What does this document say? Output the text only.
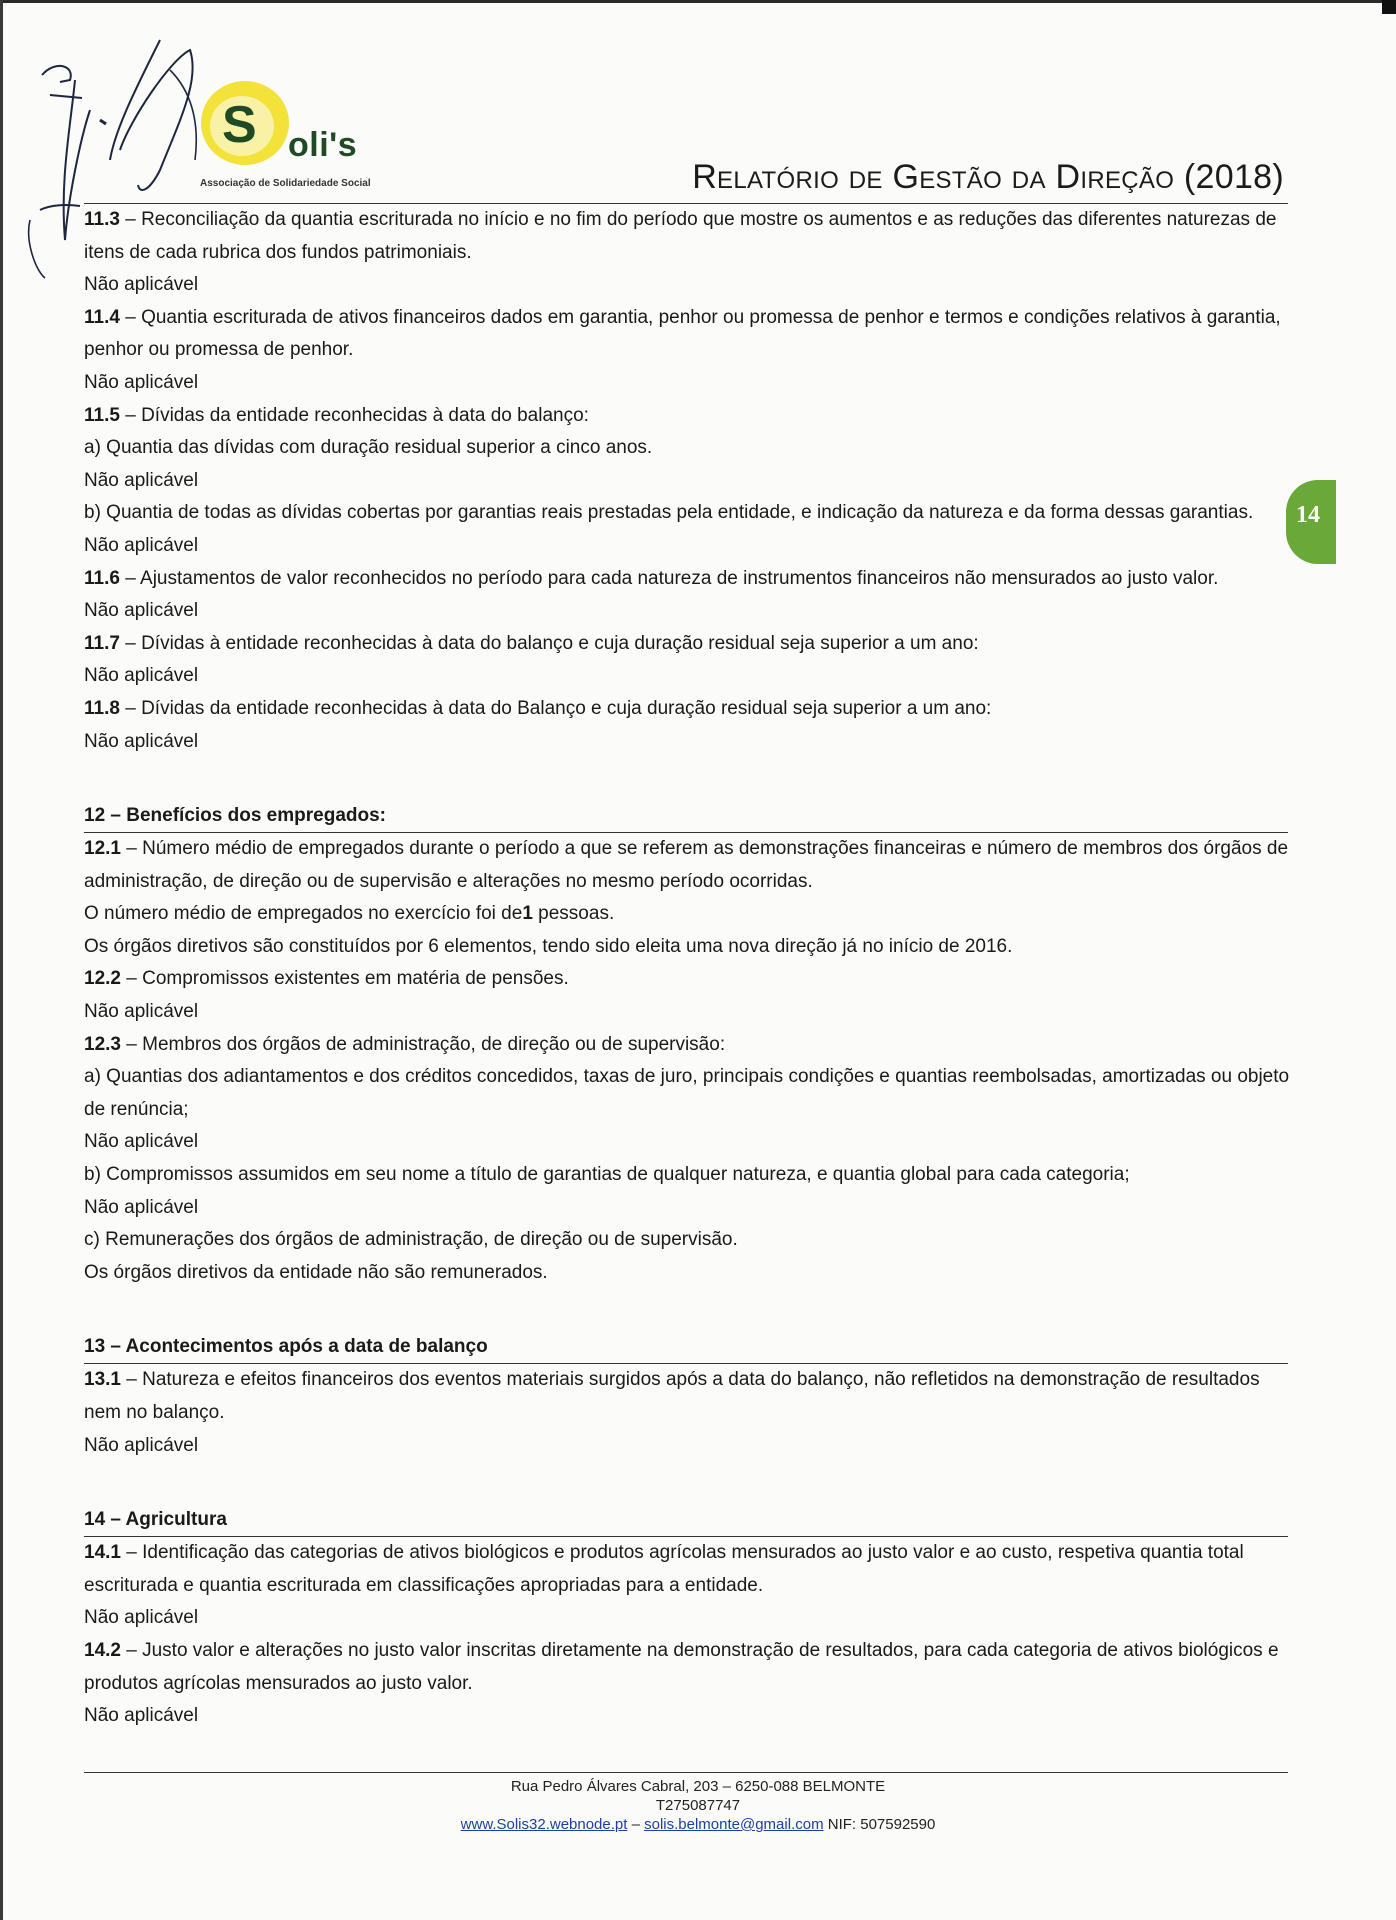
S oli's
Associação de Solidariedade Social	Relatório de Gestão da Direção (2018)
14
11.3 – Reconciliação da quantia escriturada no início e no fim do período que mostre os aumentos e as reduções das diferentes naturezas de
itens de cada rubrica dos fundos patrimoniais.
Não aplicável
11.4 – Quantia escriturada de ativos financeiros dados em garantia, penhor ou promessa de penhor e termos e condições relativos à garantia,
penhor ou promessa de penhor.
Não aplicável
11.5 – Dívidas da entidade reconhecidas à data do balanço:
a) Quantia das dívidas com duração residual superior a cinco anos.
Não aplicável
b) Quantia de todas as dívidas cobertas por garantias reais prestadas pela entidade, e indicação da natureza e da forma dessas garantias.
Não aplicável
11.6 – Ajustamentos de valor reconhecidos no período para cada natureza de instrumentos financeiros não mensurados ao justo valor.
Não aplicável
11.7 – Dívidas à entidade reconhecidas à data do balanço e cuja duração residual seja superior a um ano:
Não aplicável
11.8 – Dívidas da entidade reconhecidas à data do Balanço e cuja duração residual seja superior a um ano:
Não aplicável
12 – Benefícios dos empregados:
12.1 – Número médio de empregados durante o período a que se referem as demonstrações financeiras e número de membros dos órgãos de
administração, de direção ou de supervisão e alterações no mesmo período ocorridas.
O número médio de empregados no exercício foi de1 pessoas.
Os órgãos diretivos são constituídos por 6 elementos, tendo sido eleita uma nova direção já no início de 2016.
12.2 – Compromissos existentes em matéria de pensões.
Não aplicável
12.3 – Membros dos órgãos de administração, de direção ou de supervisão:
a) Quantias dos adiantamentos e dos créditos concedidos, taxas de juro, principais condições e quantias reembolsadas, amortizadas ou objeto
de renúncia;
Não aplicável
b) Compromissos assumidos em seu nome a título de garantias de qualquer natureza, e quantia global para cada categoria;
Não aplicável
c) Remunerações dos órgãos de administração, de direção ou de supervisão.
Os órgãos diretivos da entidade não são remunerados.
13 – Acontecimentos após a data de balanço
13.1 – Natureza e efeitos financeiros dos eventos materiais surgidos após a data do balanço, não refletidos na demonstração de resultados
nem no balanço.
Não aplicável
14 – Agricultura
14.1 – Identificação das categorias de ativos biológicos e produtos agrícolas mensurados ao justo valor e ao custo, respetiva quantia total
escriturada e quantia escriturada em classificações apropriadas para a entidade.
Não aplicável
14.2 – Justo valor e alterações no justo valor inscritas diretamente na demonstração de resultados, para cada categoria de ativos biológicos e
produtos agrícolas mensurados ao justo valor.
Não aplicável
Rua Pedro Álvares Cabral, 203 – 6250-088 BELMONTE
T275087747
www.Solis32.webnode.pt – solis.belmonte@gmail.com NIF: 507592590
